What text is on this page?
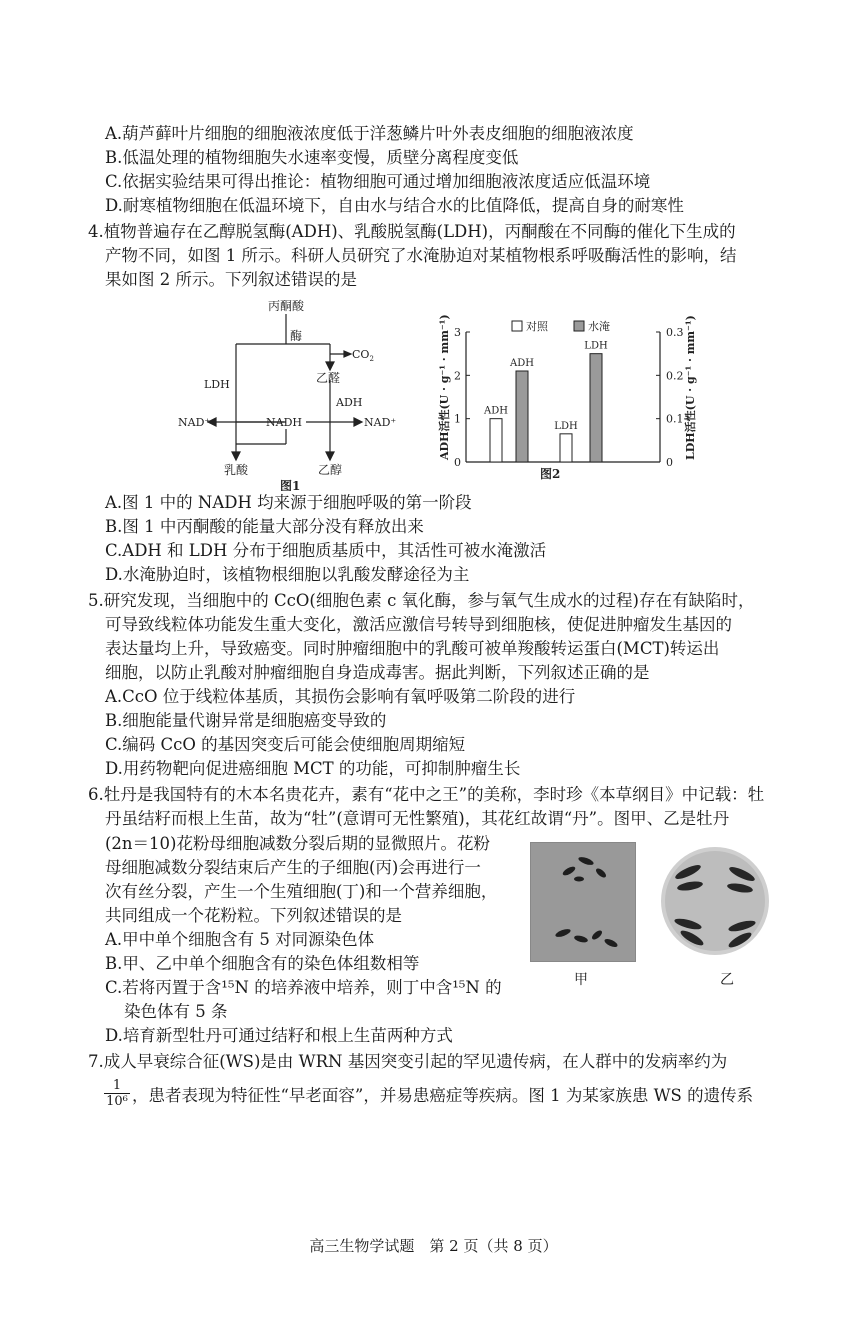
A.葫芦藓叶片细胞的细胞液浓度低于洋葱鳞片叶外表皮细胞的细胞液浓度
B.低温处理的植物细胞失水速率变慢，质壁分离程度变低
C.依据实验结果可得出推论：植物细胞可通过增加细胞液浓度适应低温环境
D.耐寒植物细胞在低温环境下，自由水与结合水的比值降低，提高自身的耐寒性
4.植物普遍存在乙醇脱氢酶(ADH)、乳酸脱氢酶(LDH)，丙酮酸在不同酶的催化下生成的
产物不同，如图 1 所示。科研人员研究了水淹胁迫对某植物根系呼吸酶活性的影响，结
果如图 2 所示。下列叙述错误的是
丙酮酸
酶
$CO_2$
乙醛
LDH
ADH
NAD⁺	NADH	NAD⁺
乳酸	乙醇
图1
ADH活性(U · g⁻¹ · mm⁻¹)	LDH活性(U · g⁻¹ · mm⁻¹)
对照	水淹
图2
0
1
2
3
0
0.1
0.2
0.3
ADH
ADH
LDH
LDH
A.图 1 中的 NADH 均来源于细胞呼吸的第一阶段
B.图 1 中丙酮酸的能量大部分没有释放出来
C.ADH 和 LDH 分布于细胞质基质中，其活性可被水淹激活
D.水淹胁迫时，该植物根细胞以乳酸发酵途径为主
5.研究发现，当细胞中的 CcO(细胞色素 c 氧化酶，参与氧气生成水的过程)存在有缺陷时，
可导致线粒体功能发生重大变化，激活应激信号转导到细胞核，使促进肿瘤发生基因的
表达量均上升，导致癌变。同时肿瘤细胞中的乳酸可被单羧酸转运蛋白(MCT)转运出
细胞，以防止乳酸对肿瘤细胞自身造成毒害。据此判断，下列叙述正确的是
A.CcO 位于线粒体基质，其损伤会影响有氧呼吸第二阶段的进行
B.细胞能量代谢异常是细胞癌变导致的
C.编码 CcO 的基因突变后可能会使细胞周期缩短
D.用药物靶向促进癌细胞 MCT 的功能，可抑制肿瘤生长
6.牡丹是我国特有的木本名贵花卉，素有“花中之王”的美称，李时珍《本草纲目》中记载：牡
丹虽结籽而根上生苗，故为“牡”(意谓可无性繁殖)，其花红故谓“丹”。图甲、乙是牡丹
(2n＝10)花粉母细胞减数分裂后期的显微照片。花粉
母细胞减数分裂结束后产生的子细胞(丙)会再进行一
次有丝分裂，产生一个生殖细胞(丁)和一个营养细胞，
共同组成一个花粉粒。下列叙述错误的是
A.甲中单个细胞含有 5 对同源染色体
B.甲、乙中单个细胞含有的染色体组数相等
C.若将丙置于含¹⁵N 的培养液中培养，则丁中含¹⁵N 的
染色体有 5 条
D.培育新型牡丹可通过结籽和根上生苗两种方式
甲	乙
7.成人早衰综合征(WS)是由 WRN 基因突变引起的罕见遗传病，在人群中的发病率约为
$\frac{1}{\text{10⁶}}$ ，患者表现为特征性“早老面容”，并易患癌症等疾病。图 1 为某家族患 WS 的遗传系
高三生物学试题　第 2 页（共 8 页）
